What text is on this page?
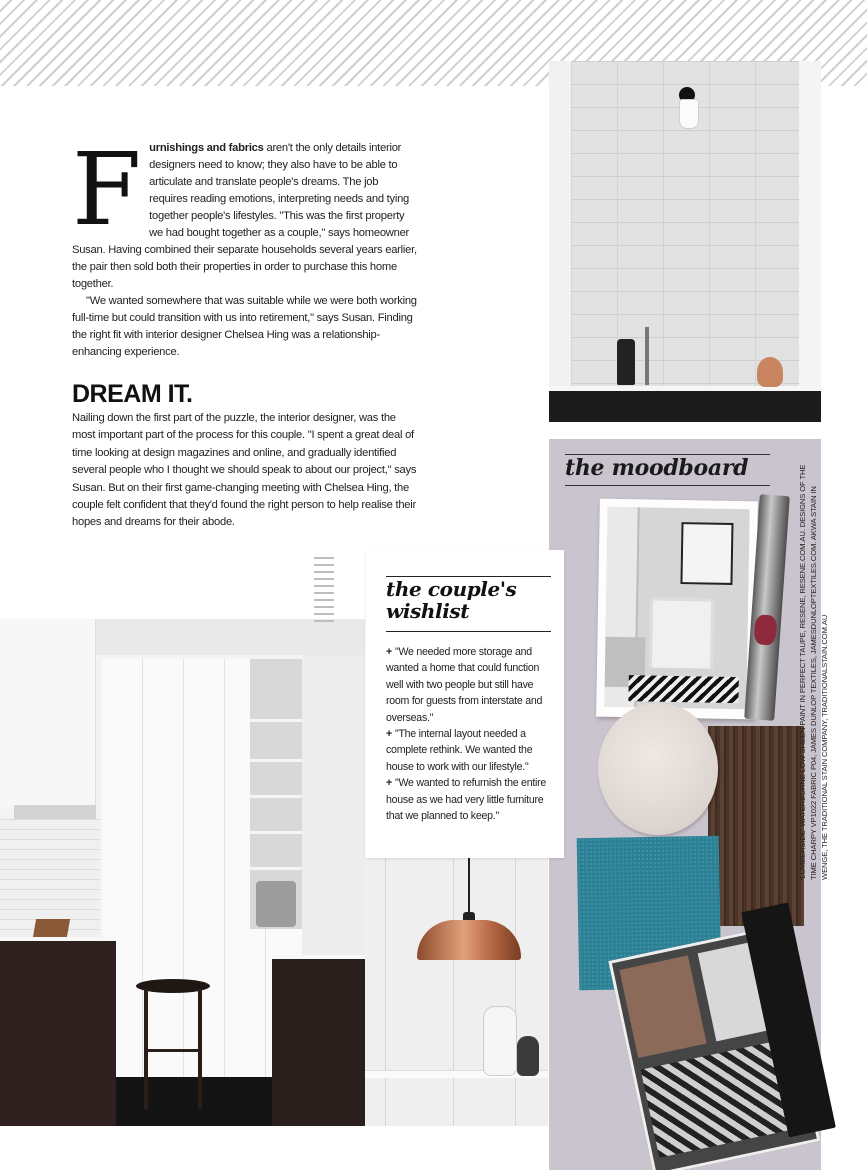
F urnishings and fabrics aren't the only details interior designers need to know; they also have to be able to articulate and translate people's dreams. The job requires reading emotions, interpreting needs and tying together people's lifestyles. "This was the first property we had bought together as a couple," says homeowner Susan. Having combined their separate households several years earlier, the pair then sold both their properties in order to purchase this home together.

"We wanted somewhere that was suitable while we were both working full-time but could transition with us into retirement," says Susan. Finding the right fit with interior designer Chelsea Hing was a relationship-enhancing experience.

DREAM IT.
Nailing down the first part of the puzzle, the interior designer, was the most important part of the process for this couple. "I spent a great deal of time looking at design magazines and online, and gradually identified several people who I thought we should speak to about our project," says Susan. But on their first game-changing meeting with Chelsea Hing, the couple felt confident that they'd found the right person to help realise their hopes and dreams for their abode.
the moodboard	'LUMBERSIDE' WATERBORNE LOW SHEEN PAINT IN PERFECT TAUPE, RESENE, RESENE.COM.AU. DESIGNS OF THE TIME CHARPY VP1022 FABRIC P04, JAMES DUNLOP TEXTILES, JAMESDUNLOPTEXTILES.COM. AKWA STAIN IN WENGE, THE TRADITIONAL STAIN COMPANY, TRADITIONALSTAIN.COM.AU
the couple's wishlist
+ "We needed more storage and wanted a home that could function well with two people but still have room for guests from interstate and overseas."
+ "The internal layout needed a complete rethink. We wanted the house to work with our lifestyle."
+ "We wanted to refurnish the entire house as we had very little furniture that we planned to keep."
